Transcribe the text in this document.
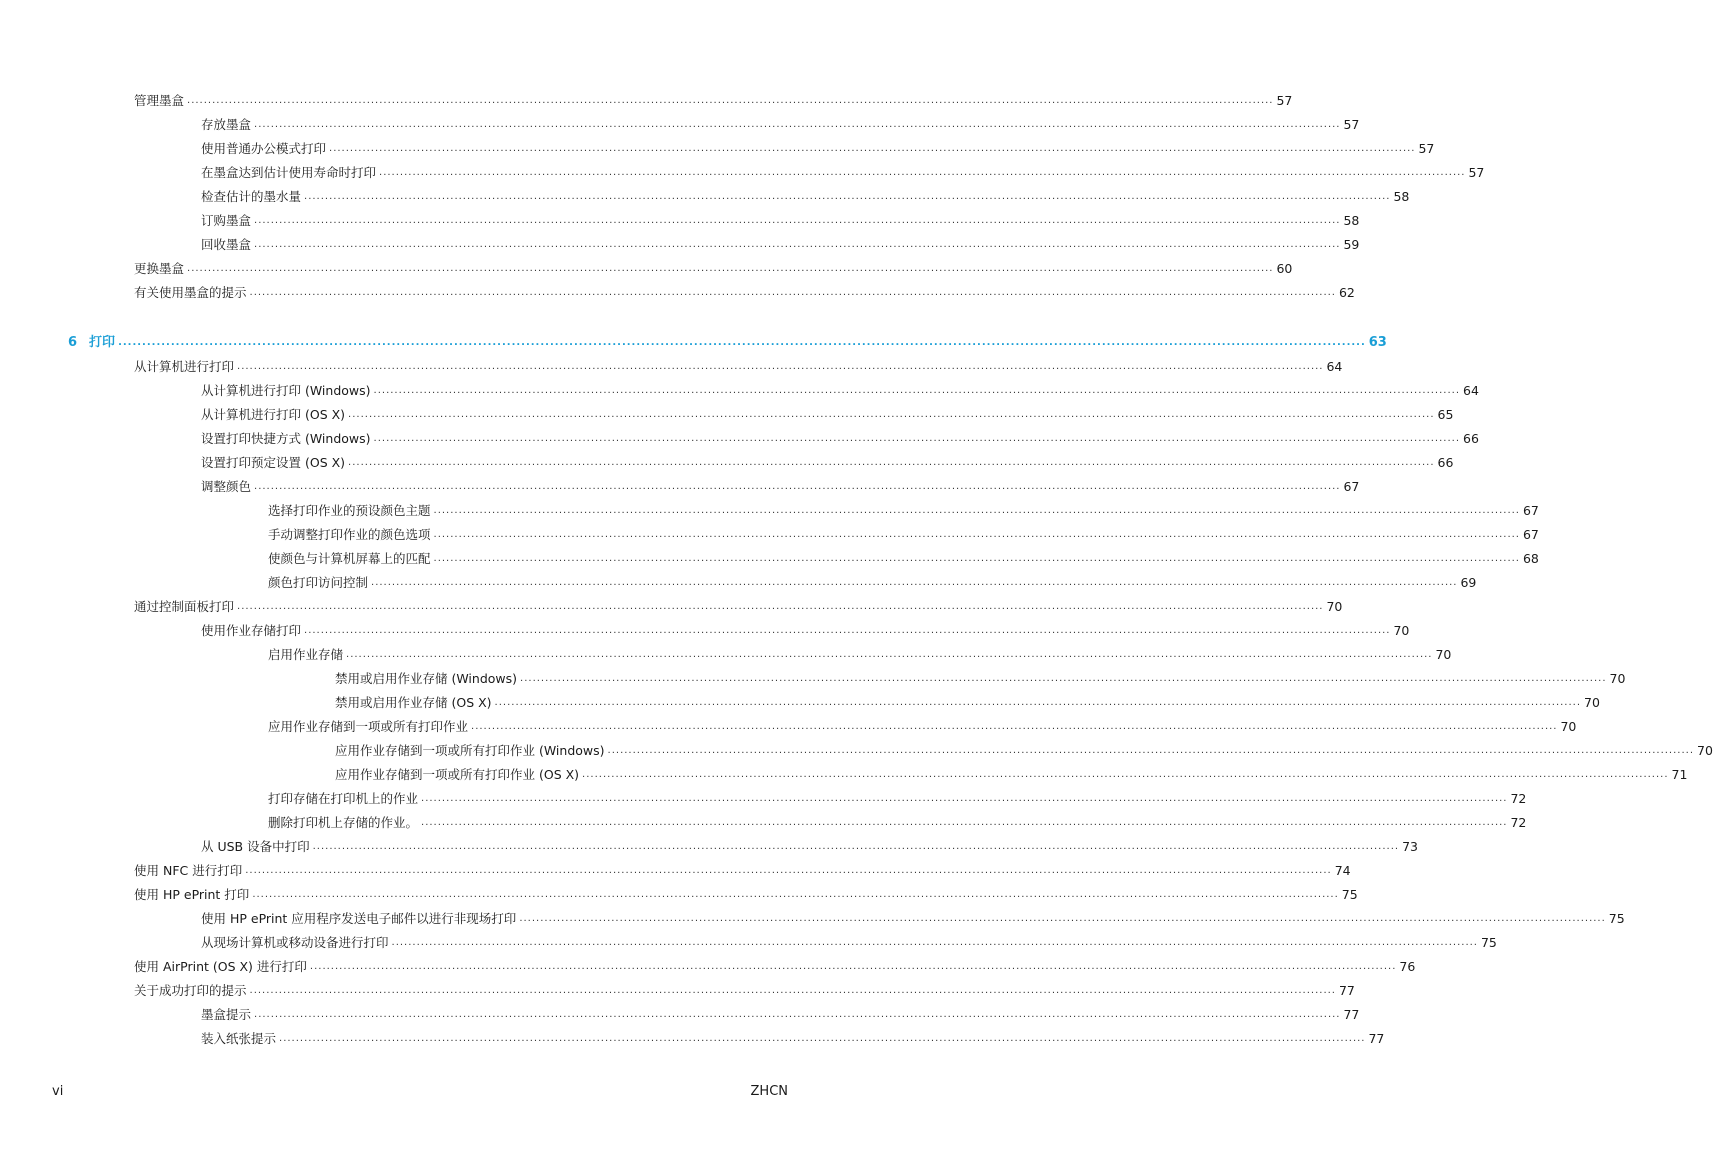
管理墨盒 .................................................................................................................................................................................................................................................................... 57
存放墨盒 .................................................................................................................................................................................................................................................................... 57
使用普通办公模式打印 .................................................................................................................................................................................................................................................................... 57
在墨盒达到估计使用寿命时打印 .................................................................................................................................................................................................................................................................... 57
检查估计的墨水量 .................................................................................................................................................................................................................................................................... 58
订购墨盒 .................................................................................................................................................................................................................................................................... 58
回收墨盒 .................................................................................................................................................................................................................................................................... 59
更换墨盒 .................................................................................................................................................................................................................................................................... 60
有关使用墨盒的提示 .................................................................................................................................................................................................................................................................... 62
6 打印 .................................................................................................................................................................................................................................................................... 63
从计算机进行打印 .................................................................................................................................................................................................................................................................... 64
从计算机进行打印 (Windows) .................................................................................................................................................................................................................................................................... 64
从计算机进行打印 (OS X) .................................................................................................................................................................................................................................................................... 65
设置打印快捷方式 (Windows) .................................................................................................................................................................................................................................................................... 66
设置打印预定设置 (OS X) .................................................................................................................................................................................................................................................................... 66
调整颜色 .................................................................................................................................................................................................................................................................... 67
选择打印作业的预设颜色主题 .................................................................................................................................................................................................................................................................... 67
手动调整打印作业的颜色选项 .................................................................................................................................................................................................................................................................... 67
使颜色与计算机屏幕上的匹配 .................................................................................................................................................................................................................................................................... 68
颜色打印访问控制 .................................................................................................................................................................................................................................................................... 69
通过控制面板打印 .................................................................................................................................................................................................................................................................... 70
使用作业存储打印 .................................................................................................................................................................................................................................................................... 70
启用作业存储 .................................................................................................................................................................................................................................................................... 70
禁用或启用作业存储 (Windows) .................................................................................................................................................................................................................................................................... 70
禁用或启用作业存储 (OS X) .................................................................................................................................................................................................................................................................... 70
应用作业存储到一项或所有打印作业 .................................................................................................................................................................................................................................................................... 70
应用作业存储到一项或所有打印作业 (Windows) .................................................................................................................................................................................................................................................................... 70
应用作业存储到一项或所有打印作业 (OS X) .................................................................................................................................................................................................................................................................... 71
打印存储在打印机上的作业 .................................................................................................................................................................................................................................................................... 72
删除打印机上存储的作业。 .................................................................................................................................................................................................................................................................... 72
从 USB 设备中打印 .................................................................................................................................................................................................................................................................... 73
使用 NFC 进行打印 .................................................................................................................................................................................................................................................................... 74
使用 HP ePrint 打印 .................................................................................................................................................................................................................................................................... 75
使用 HP ePrint 应用程序发送电子邮件以进行非现场打印 .................................................................................................................................................................................................................................................................... 75
从现场计算机或移动设备进行打印 .................................................................................................................................................................................................................................................................... 75
使用 AirPrint (OS X) 进行打印 .................................................................................................................................................................................................................................................................... 76
关于成功打印的提示 .................................................................................................................................................................................................................................................................... 77
墨盒提示 .................................................................................................................................................................................................................................................................... 77
装入纸张提示 .................................................................................................................................................................................................................................................................... 77
vi	ZHCN
